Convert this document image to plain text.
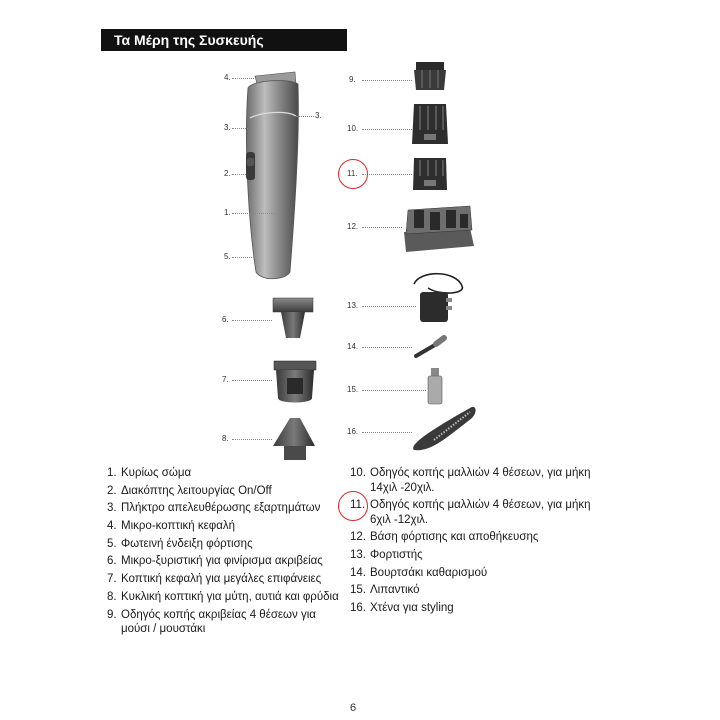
Τα Μέρη της Συσκευής
4.
3.
3.
2.
1.
5.
6.
7.
8.
9.
10.
11.
12.
13.
14.
15.
16.
1. Κυρίως σώμα
2. Διακόπτης λειτουργίας On/Off
3. Πλήκτρο απελευθέρωσης εξαρτημάτων
4. Μικρο-κοπτική κεφαλή
5. Φωτεινή ένδειξη φόρτισης
6. Μικρο-ξυριστική για φινίρισμα ακριβείας
7. Κοπτική κεφαλή για μεγάλες επιφάνειες
8. Κυκλική κοπτική για μύτη, αυτιά και φρύδια
9. Οδηγός κοπής ακριβείας 4 θέσεων για μούσι / μουστάκι
10. Οδηγός κοπής μαλλιών 4 θέσεων, για μήκη 14χιλ -20χιλ.
11. Οδηγός κοπής μαλλιών 4 θέσεων, για μήκη 6χιλ -12χιλ.
12. Βάση φόρτισης και αποθήκευσης
13. Φορτιστής
14. Βουρτσάκι καθαρισμού
15. Λιπαντικό
16. Χτένα για styling
6
